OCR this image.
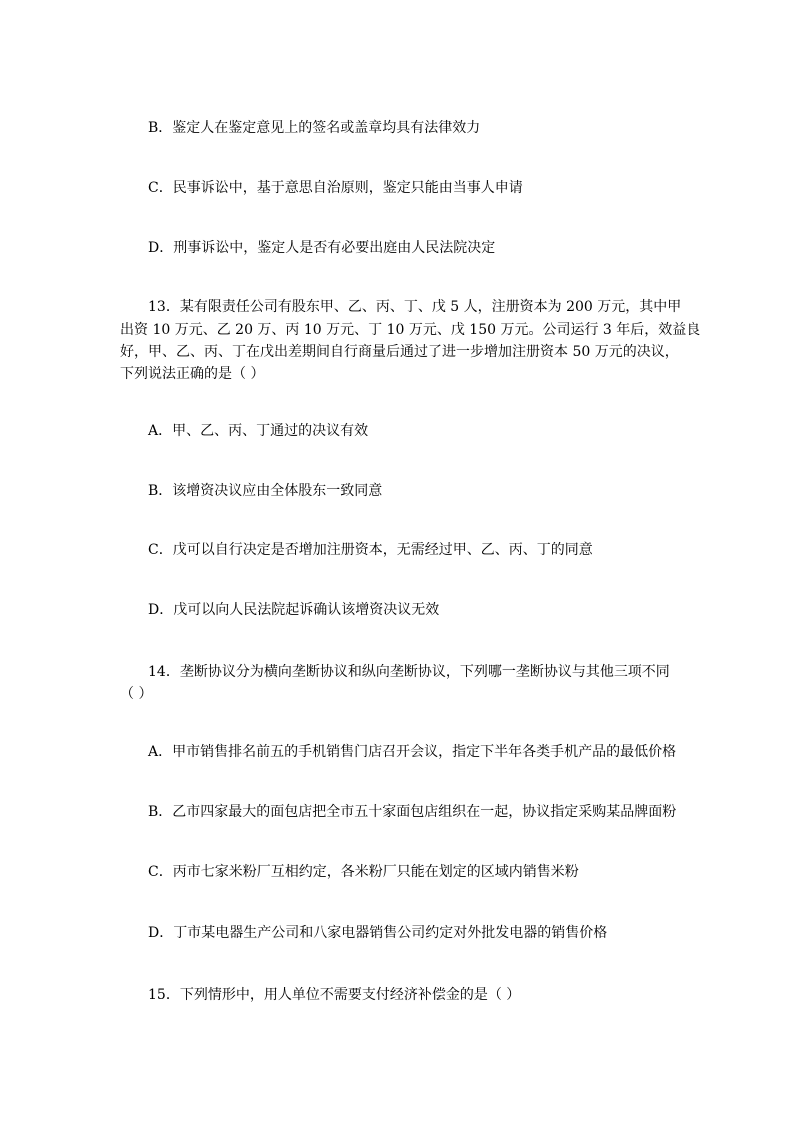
B．鉴定人在鉴定意见上的签名或盖章均具有法律效力
C．民事诉讼中，基于意思自治原则，鉴定只能由当事人申请
D．刑事诉讼中，鉴定人是否有必要出庭由人民法院决定
13．某有限责任公司有股东甲、乙、丙、丁、戊 5 人，注册资本为 200 万元，其中甲
出资 10 万元、乙 20 万、丙 10 万元、丁 10 万元、戊 150 万元。公司运行 3 年后，效益良
好，甲、乙、丙、丁在戊出差期间自行商量后通过了进一步增加注册资本 50 万元的决议，
下列说法正确的是（ ）
A．甲、乙、丙、丁通过的决议有效
B．该增资决议应由全体股东一致同意
C．戊可以自行决定是否增加注册资本，无需经过甲、乙、丙、丁的同意
D．戊可以向人民法院起诉确认该增资决议无效
14．垄断协议分为横向垄断协议和纵向垄断协议，下列哪一垄断协议与其他三项不同
（ ）
A．甲市销售排名前五的手机销售门店召开会议，指定下半年各类手机产品的最低价格
B．乙市四家最大的面包店把全市五十家面包店组织在一起，协议指定采购某品牌面粉
C．丙市七家米粉厂互相约定，各米粉厂只能在划定的区域内销售米粉
D．丁市某电器生产公司和八家电器销售公司约定对外批发电器的销售价格
15．下列情形中，用人单位不需要支付经济补偿金的是（ ）
